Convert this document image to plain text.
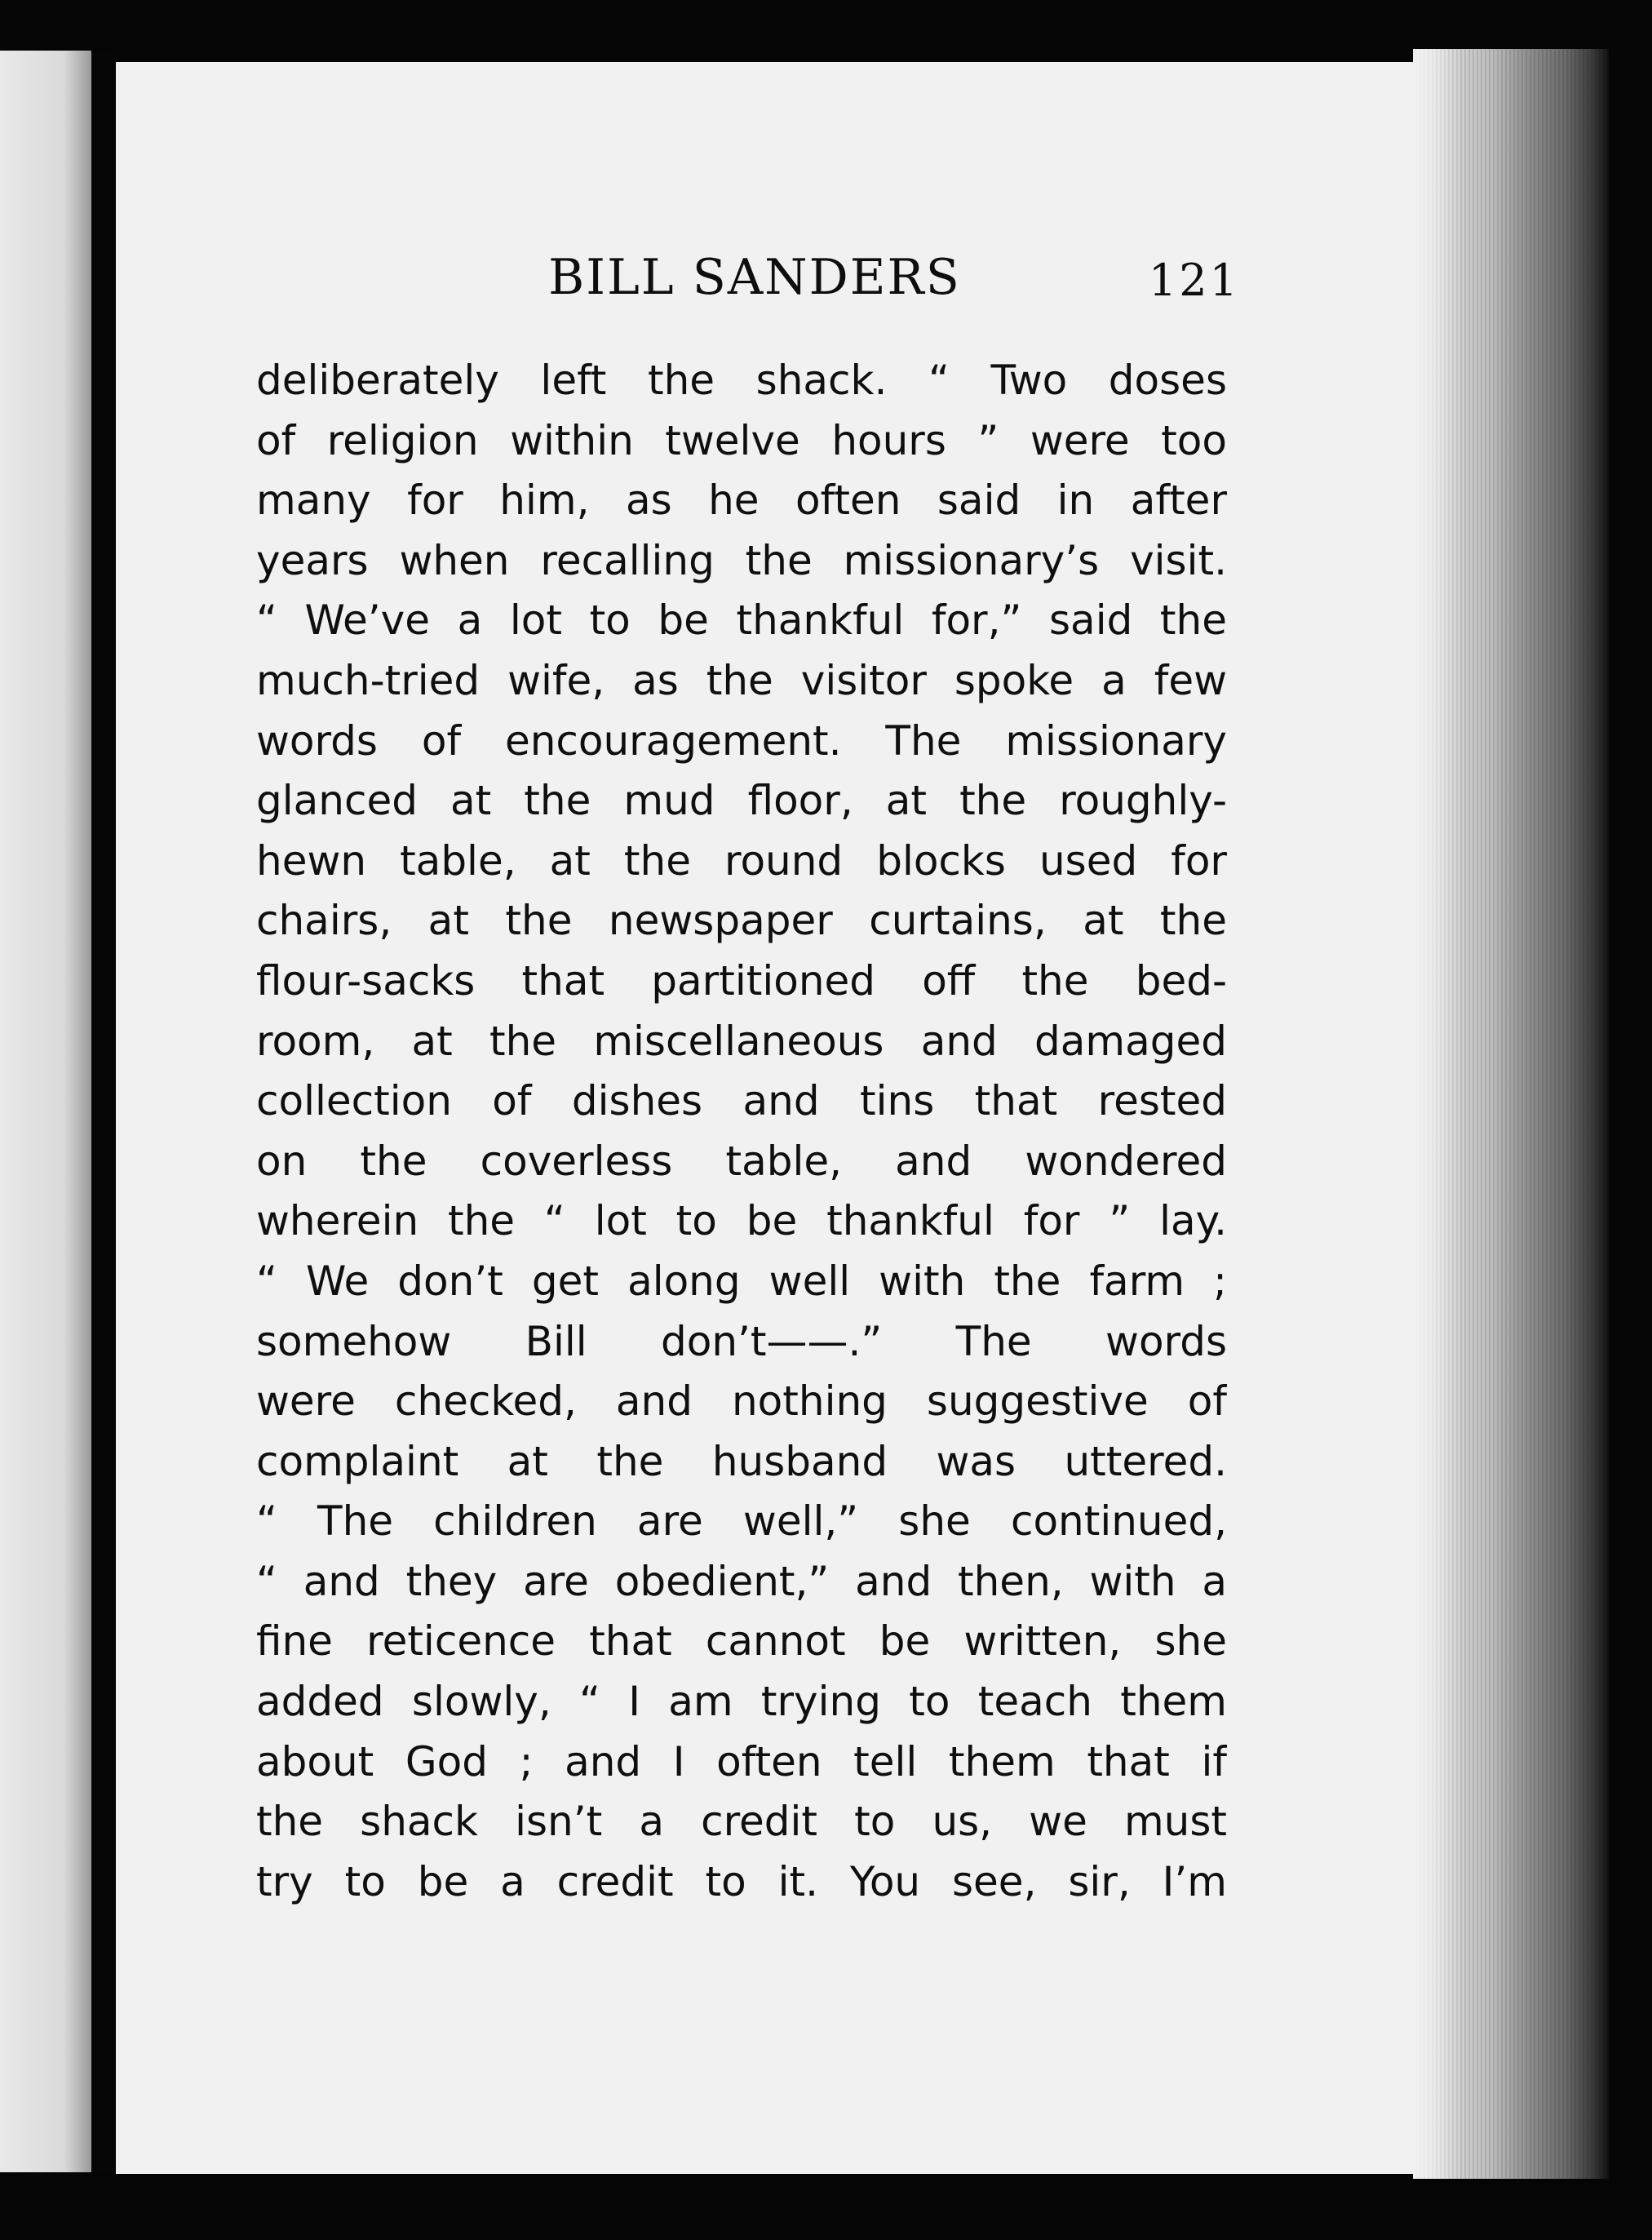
BILL SANDERS	121
deliberately left the shack. “ Two doses
of religion within twelve hours ” were too
many for him, as he often said in after
years when recalling the missionary’s visit.
“ We’ve a lot to be thankful for,” said the
much-tried wife, as the visitor spoke a few
words of encouragement. The missionary
glanced at the mud floor, at the roughly-
hewn table, at the round blocks used for
chairs, at the newspaper curtains, at the
flour-sacks that partitioned off the bed-
room, at the miscellaneous and damaged
collection of dishes and tins that rested
on the coverless table, and wondered
wherein the “ lot to be thankful for ” lay.
“ We don’t get along well with the farm ;
somehow Bill don’t——.” The words
were checked, and nothing suggestive of
complaint at the husband was uttered.
“ The children are well,” she continued,
“ and they are obedient,” and then, with a
fine reticence that cannot be written, she
added slowly, “ I am trying to teach them
about God ; and I often tell them that if
the shack isn’t a credit to us, we must
try to be a credit to it. You see, sir, I’m
